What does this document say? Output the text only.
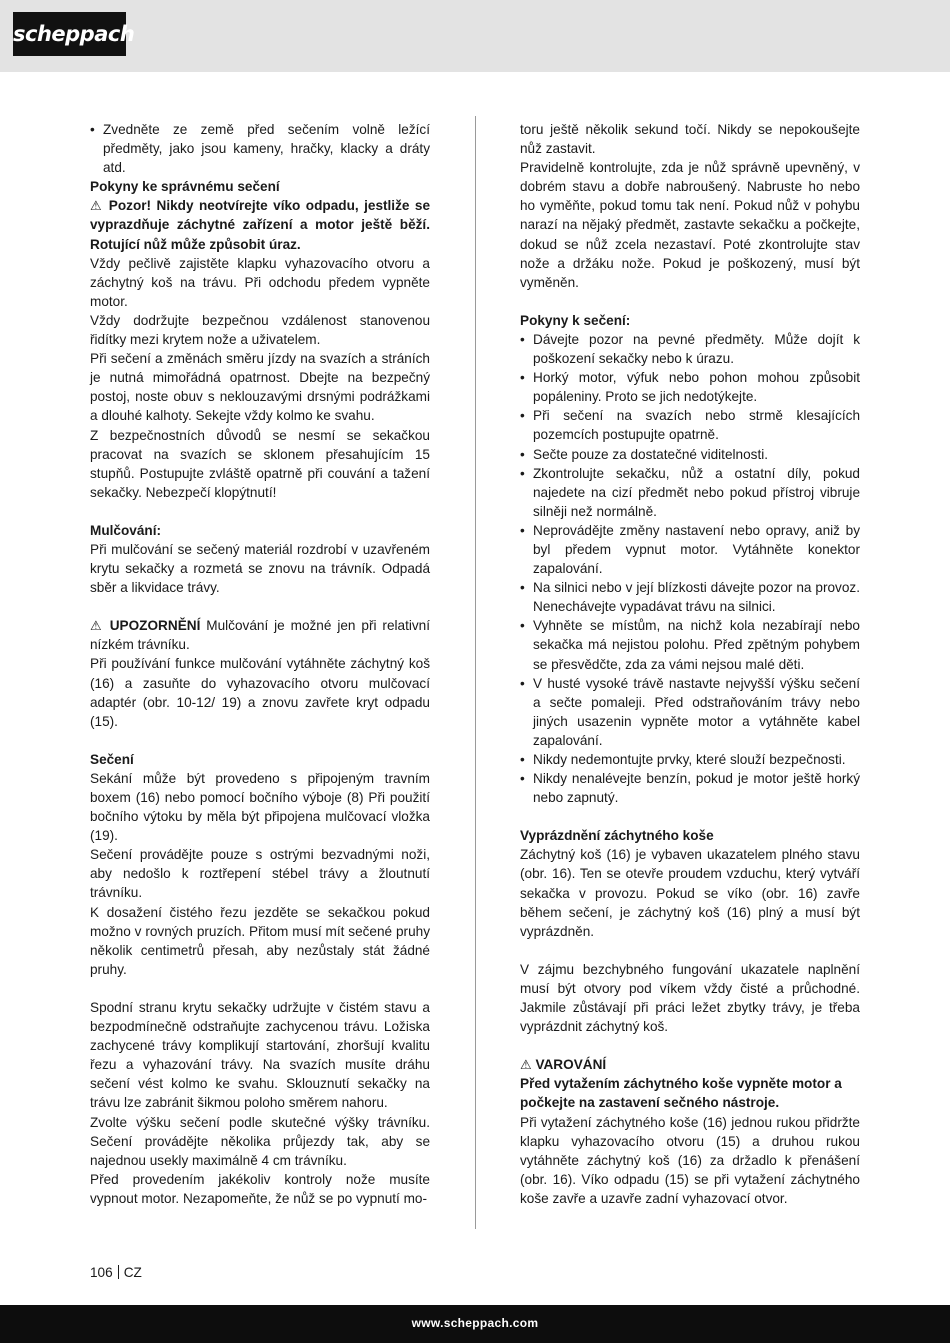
scheppach

• Zvedněte ze země před sečením volně ležící předměty, jako jsou kameny, hračky, klacky a dráty atd.

Pokyny ke správnému sečení

⚠ Pozor! Nikdy neotvírejte víko odpadu, jestliže se vyprazdňuje záchytné zařízení a motor ještě běží. Rotující nůž může způsobit úraz.

Vždy pečlivě zajistěte klapku vyhazovacího otvoru a záchytný koš na trávu. Při odchodu předem vypněte motor.

Vždy dodržujte bezpečnou vzdálenost stanovenou řidítky mezi krytem nože a uživatelem.

Při sečení a změnách směru jízdy na svazích a stráních je nutná mimořádná opatrnost. Dbejte na bezpečný postoj, noste obuv s neklouzavými drsnými podrážkami a dlouhé kalhoty. Sekejte vždy kolmo ke svahu.

Z bezpečnostních důvodů se nesmí se sekačkou pracovat na svazích se sklonem přesahujícím 15 stupňů. Postupujte zvláště opatrně při couvání a tažení sekačky. Nebezpečí klopýtnutí!

Mulčování:

Při mulčování se sečený materiál rozdrobí v uzavřeném krytu sekačky a rozmetá se znovu na trávník. Odpadá sběr a likvidace trávy.

⚠ UPOZORNĚNÍ Mulčování je možné jen při relativní nízkém trávníku.

Při používání funkce mulčování vytáhněte záchytný koš (16) a zasuňte do vyhazovacího otvoru mulčovací adaptér (obr. 10-12/ 19) a znovu zavřete kryt odpadu (15).

Sečení

Sekání může být provedeno s připojeným travním boxem (16) nebo pomocí bočního výboje (8) Při použití bočního výtoku by měla být připojena mulčovací vložka (19).

Sečení provádějte pouze s ostrými bezvadnými noži, aby nedošlo k roztřepení stébel trávy a žloutnutí trávníku.

K dosažení čistého řezu jezděte se sekačkou pokud možno v rovných pruzích. Přitom musí mít sečené pruhy několik centimetrů přesah, aby nezůstaly stát žádné pruhy.

Spodní stranu krytu sekačky udržujte v čistém stavu a bezpodmínečně odstraňujte zachycenou trávu. Ložiska zachycené trávy komplikují startování, zhoršují kvalitu řezu a vyhazování trávy. Na svazích musíte dráhu sečení vést kolmo ke svahu. Sklouznutí sekačky na trávu lze zabránit šikmou poloho směrem nahoru.

Zvolte výšku sečení podle skutečné výšky trávníku. Sečení provádějte několika průjezdy tak, aby se najednou usekly maximálně 4 cm trávníku.

Před provedením jakékoliv kontroly nože musíte vypnout motor. Nezapomeňte, že nůž se po vypnutí mo-

toru ještě několik sekund točí. Nikdy se nepokoušejte nůž zastavit.

Pravidelně kontrolujte, zda je nůž správně upevněný, v dobrém stavu a dobře nabroušený. Nabruste ho nebo ho vyměňte, pokud tomu tak není. Pokud nůž v pohybu narazí na nějaký předmět, zastavte sekačku a počkejte, dokud se nůž zcela nezastaví. Poté zkontrolujte stav nože a držáku nože. Pokud je poškozený, musí být vyměněn.

Pokyny k sečení:

• Dávejte pozor na pevné předměty. Může dojít k poškození sekačky nebo k úrazu.

• Horký motor, výfuk nebo pohon mohou způsobit popáleniny. Proto se jich nedotýkejte.

• Při sečení na svazích nebo strmě klesajících pozemcích postupujte opatrně.

• Sečte pouze za dostatečné viditelnosti.

• Zkontrolujte sekačku, nůž a ostatní díly, pokud najedete na cizí předmět nebo pokud přístroj vibruje silněji než normálně.

• Neprovádějte změny nastavení nebo opravy, aniž by byl předem vypnut motor. Vytáhněte konektor zapalování.

• Na silnici nebo v její blízkosti dávejte pozor na provoz. Nenechávejte vypadávat trávu na silnici.

• Vyhněte se místům, na nichž kola nezabírají nebo sekačka má nejistou polohu. Před zpětným pohybem se přesvědčte, zda za vámi nejsou malé děti.

• V husté vysoké trávě nastavte nejvyšší výšku sečení a sečte pomaleji. Před odstraňováním trávy nebo jiných usazenin vypněte motor a vytáhněte kabel zapalování.

• Nikdy nedemontujte prvky, které slouží bezpečnosti.

• Nikdy nenalévejte benzín, pokud je motor ještě horký nebo zapnutý.

Vyprázdnění záchytného koše

Záchytný koš (16) je vybaven ukazatelem plného stavu (obr. 16). Ten se otevře proudem vzduchu, který vytváří sekačka v provozu. Pokud se víko (obr. 16) zavře během sečení, je záchytný koš (16) plný a musí být vyprázdněn.

V zájmu bezchybného fungování ukazatele naplnění musí být otvory pod víkem vždy čisté a průchodné. Jakmile zůstávají při práci ležet zbytky trávy, je třeba vyprázdnit záchytný koš.

⚠ VAROVÁNÍ

Před vytažením záchytného koše vypněte motor a počkejte na zastavení sečného nástroje.

Při vytažení záchytného koše (16) jednou rukou přidržte klapku vyhazovacího otvoru (15) a druhou rukou vytáhněte záchytný koš (16) za držadlo k přenášení (obr. 16). Víko odpadu (15) se při vytažení záchytného koše zavře a uzavře zadní vyhazovací otvor.

106 CZ
www.scheppach.com
